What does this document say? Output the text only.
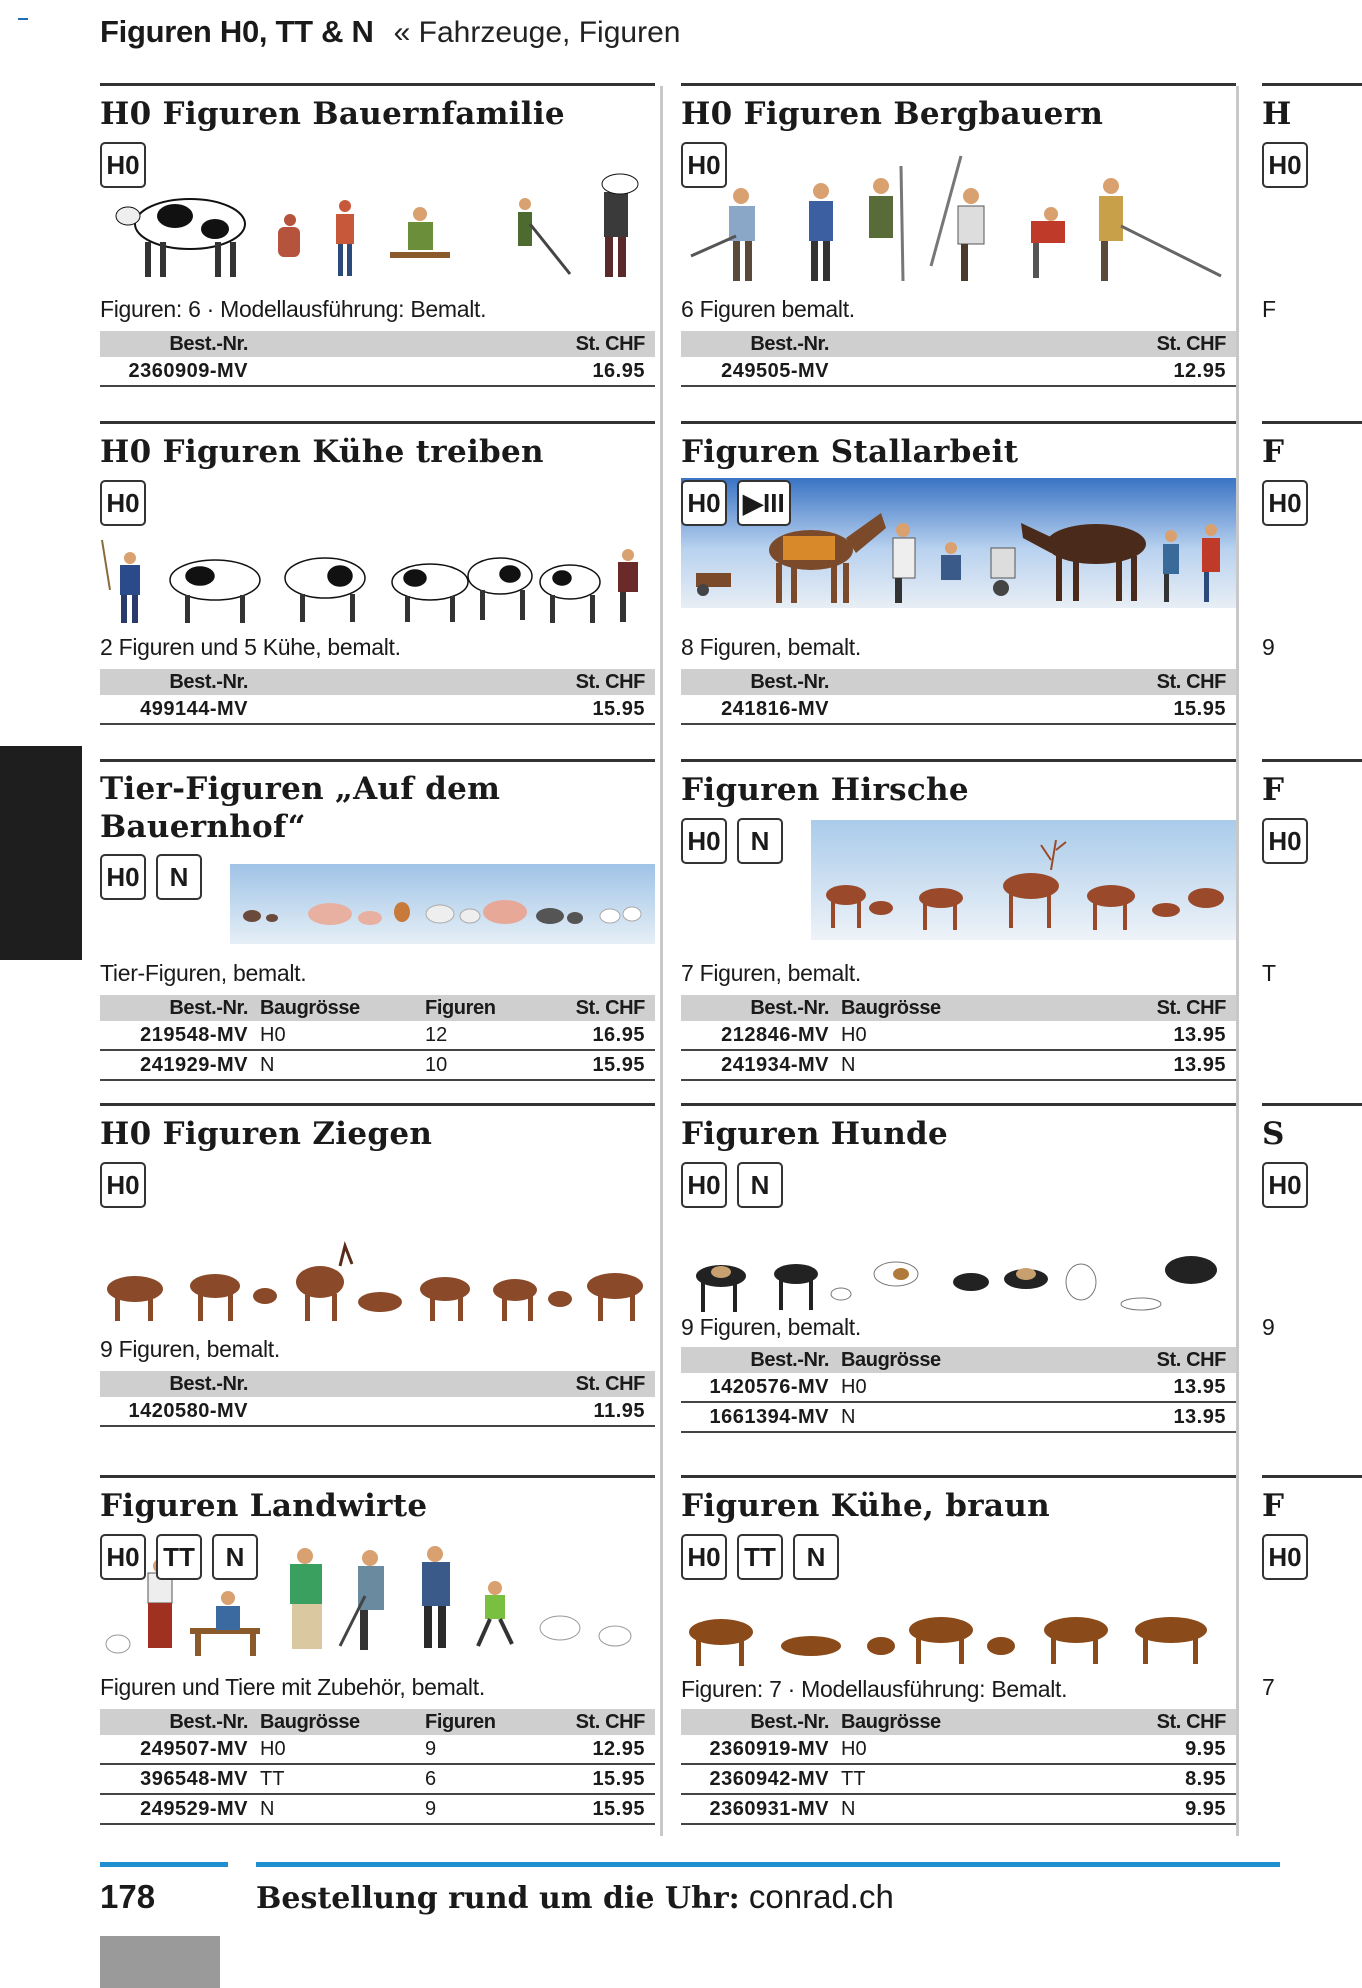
Figuren H0, TT & N « Fahrzeuge, Figuren
H0 Figuren Bauernfamilie
H0
Figuren: 6 · Modellausführung: Bemalt.
Best.-Nr.	St. CHF
2360909-MV	16.95
H0 Figuren Bergbauern
H0
6 Figuren bemalt.
Best.-Nr.	St. CHF
249505-MV	12.95
H
H0
F
H0 Figuren Kühe treiben
H0
2 Figuren und 5 Kühe, bemalt.
Best.-Nr.	St. CHF
499144-MV	15.95
Figuren Stallarbeit
H0 ▶III
8 Figuren, bemalt.
Best.-Nr.	St. CHF
241816-MV	15.95
F
H0
9
Tier-Figuren „Auf dem
Bauernhof“
H0	N
Tier-Figuren, bemalt.
Best.-Nr. Baugrösse	Figuren	St. CHF
219548-MV H0	12	16.95
241929-MV N	10	15.95
Figuren Hirsche
H0	N
7 Figuren, bemalt.
Best.-Nr. Baugrösse	St. CHF
212846-MV H0	13.95
241934-MV N	13.95
F
H0
T
H0 Figuren Ziegen
H0
9 Figuren, bemalt.
Best.-Nr.	St. CHF
1420580-MV	11.95
Figuren Hunde
H0	N
9 Figuren, bemalt.
Best.-Nr. Baugrösse	St. CHF
1420576-MV H0	13.95
1661394-MV N	13.95
S
H0
9
Figuren Landwirte
H0 TT	N
Figuren und Tiere mit Zubehör, bemalt.
Best.-Nr. Baugrösse	Figuren	St. CHF
249507-MV H0	9	12.95
396548-MV TT	6	15.95
249529-MV N	9	15.95
Figuren Kühe, braun
H0 TT	N
Figuren: 7 · Modellausführung: Bemalt.
Best.-Nr. Baugrösse	St. CHF
2360919-MV H0	9.95
2360942-MV TT	8.95
2360931-MV N	9.95
F
H0
7
178	Bestellung rund um die Uhr: conrad.ch
